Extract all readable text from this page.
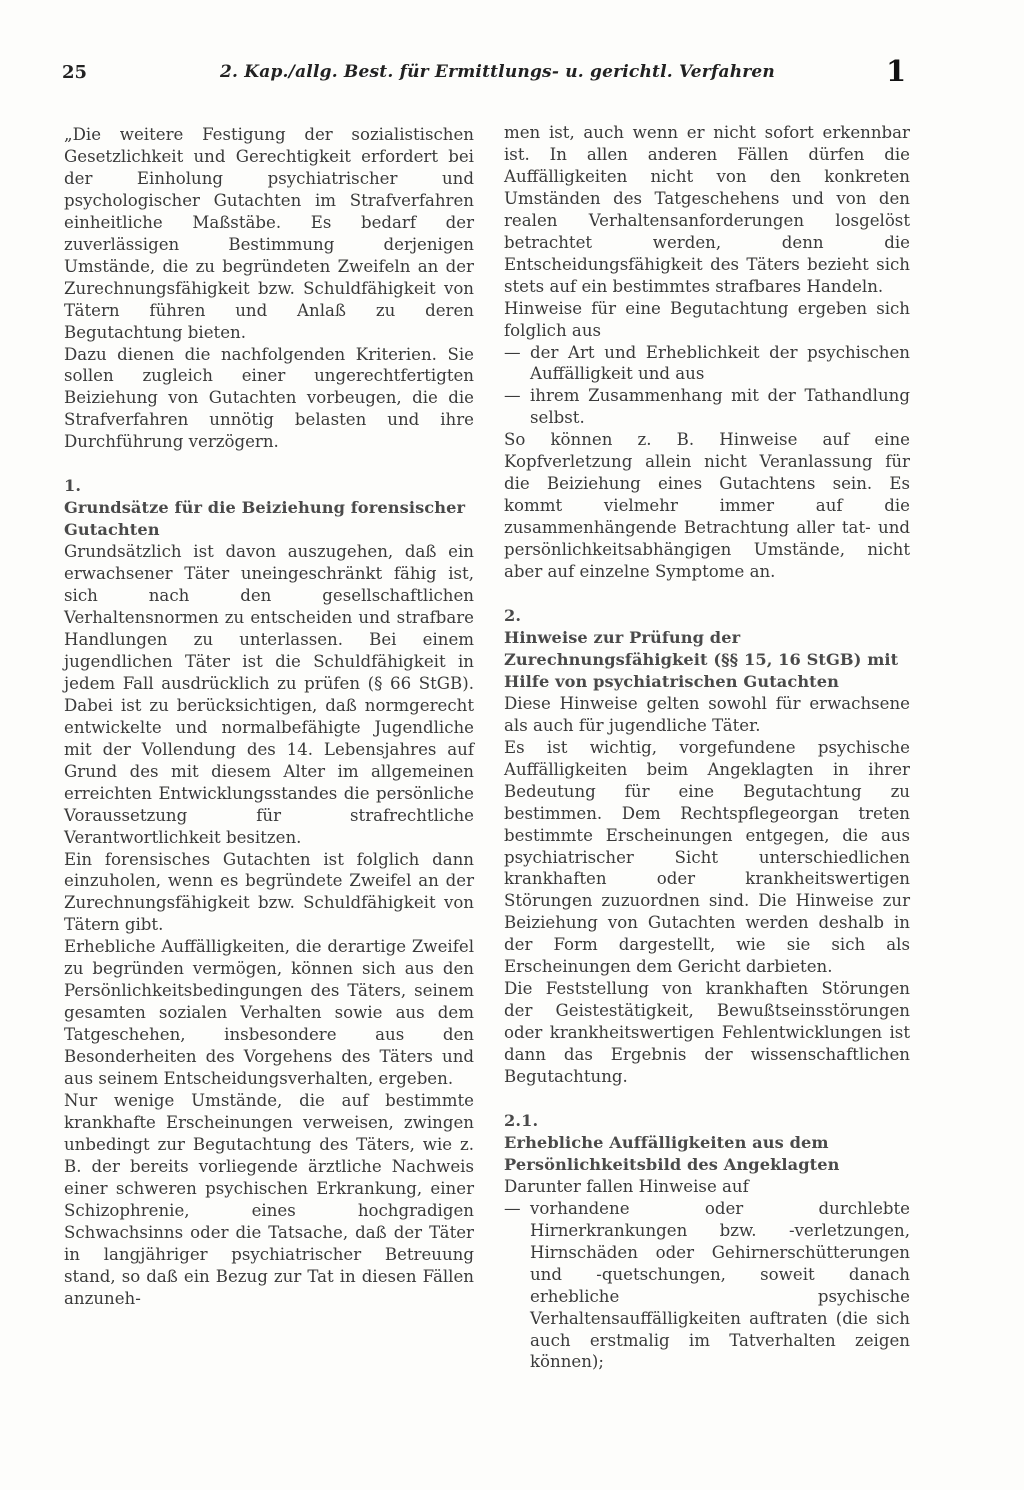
25	2. Kap./allg. Best. für Ermittlungs- u. gerichtl. Verfahren	1

„Die weitere Festigung der sozialistischen Gesetzlichkeit und Gerechtigkeit erfordert bei der Einholung psychiatrischer und psychologischer Gutachten im Strafverfahren einheitliche Maßstäbe. Es bedarf der zuverlässigen Bestimmung derjenigen Umstände, die zu begründeten Zweifeln an der Zurechnungsfähigkeit bzw. Schuldfähigkeit von Tätern führen und Anlaß zu deren Begutachtung bieten.

Dazu dienen die nachfolgenden Kriterien. Sie sollen zugleich einer ungerechtfertigten Beiziehung von Gutachten vorbeugen, die die Strafverfahren unnötig belasten und ihre Durchführung verzögern.

1.

Grundsätze für die Beiziehung forensischer Gutachten

Grundsätzlich ist davon auszugehen, daß ein erwachsener Täter uneingeschränkt fähig ist, sich nach den gesellschaftlichen Verhaltensnormen zu entscheiden und strafbare Handlungen zu unterlassen. Bei einem jugendlichen Täter ist die Schuldfähigkeit in jedem Fall ausdrücklich zu prüfen (§ 66 StGB). Dabei ist zu berücksichtigen, daß normgerecht entwickelte und normalbefähigte Jugendliche mit der Vollendung des 14. Lebensjahres auf Grund des mit diesem Alter im allgemeinen erreichten Entwicklungsstandes die persönliche Voraussetzung für strafrechtliche Verantwortlichkeit besitzen.

Ein forensisches Gutachten ist folglich dann einzuholen, wenn es begründete Zweifel an der Zurechnungsfähigkeit bzw. Schuldfähigkeit von Tätern gibt.

Erhebliche Auffälligkeiten, die derartige Zweifel zu begründen vermögen, können sich aus den Persönlichkeitsbedingungen des Täters, seinem gesamten sozialen Verhalten sowie aus dem Tatgeschehen, insbesondere aus den Besonderheiten des Vorgehens des Täters und aus seinem Entscheidungsverhalten, ergeben.

Nur wenige Umstände, die auf bestimmte krankhafte Erscheinungen verweisen, zwingen unbedingt zur Begutachtung des Täters, wie z. B. der bereits vorliegende ärztliche Nachweis einer schweren psychischen Erkrankung, einer Schizophrenie, eines hochgradigen Schwachsinns oder die Tatsache, daß der Täter in langjähriger psychiatrischer Betreuung stand, so daß ein Bezug zur Tat in diesen Fällen anzuneh-

men ist, auch wenn er nicht sofort erkennbar ist. In allen anderen Fällen dürfen die Auffälligkeiten nicht von den konkreten Umständen des Tatgeschehens und von den realen Verhaltensanforderungen losgelöst betrachtet werden, denn die Entscheidungsfähigkeit des Täters bezieht sich stets auf ein bestimmtes strafbares Handeln.

Hinweise für eine Begutachtung ergeben sich folglich aus

— der Art und Erheblichkeit der psychischen Auffälligkeit und aus
— ihrem Zusammenhang mit der Tathandlung selbst.

So können z. B. Hinweise auf eine Kopfverletzung allein nicht Veranlassung für die Beiziehung eines Gutachtens sein. Es kommt vielmehr immer auf die zusammenhängende Betrachtung aller tat- und persönlichkeitsabhängigen Umstände, nicht aber auf einzelne Symptome an.

2.

Hinweise zur Prüfung der Zurechnungsfähigkeit (§§ 15, 16 StGB) mit Hilfe von psychiatrischen Gutachten

Diese Hinweise gelten sowohl für erwachsene als auch für jugendliche Täter.

Es ist wichtig, vorgefundene psychische Auffälligkeiten beim Angeklagten in ihrer Bedeutung für eine Begutachtung zu bestimmen. Dem Rechtspflegeorgan treten bestimmte Erscheinungen entgegen, die aus psychiatrischer Sicht unterschiedlichen krankhaften oder krankheitswertigen Störungen zuzuordnen sind. Die Hinweise zur Beiziehung von Gutachten werden deshalb in der Form dargestellt, wie sie sich als Erscheinungen dem Gericht darbieten.

Die Feststellung von krankhaften Störungen der Geistestätigkeit, Bewußtseinsstörungen oder krankheitswertigen Fehlentwicklungen ist dann das Ergebnis der wissenschaftlichen Begutachtung.

2.1.

Erhebliche Auffälligkeiten aus dem Persönlichkeitsbild des Angeklagten

Darunter fallen Hinweise auf

— vorhandene oder durchlebte Hirnerkrankungen bzw. -verletzungen, Hirnschäden oder Gehirnerschütterungen und -quetschungen, soweit danach erhebliche psychische Verhaltensauffälligkeiten auftraten (die sich auch erstmalig im Tatverhalten zeigen können);
